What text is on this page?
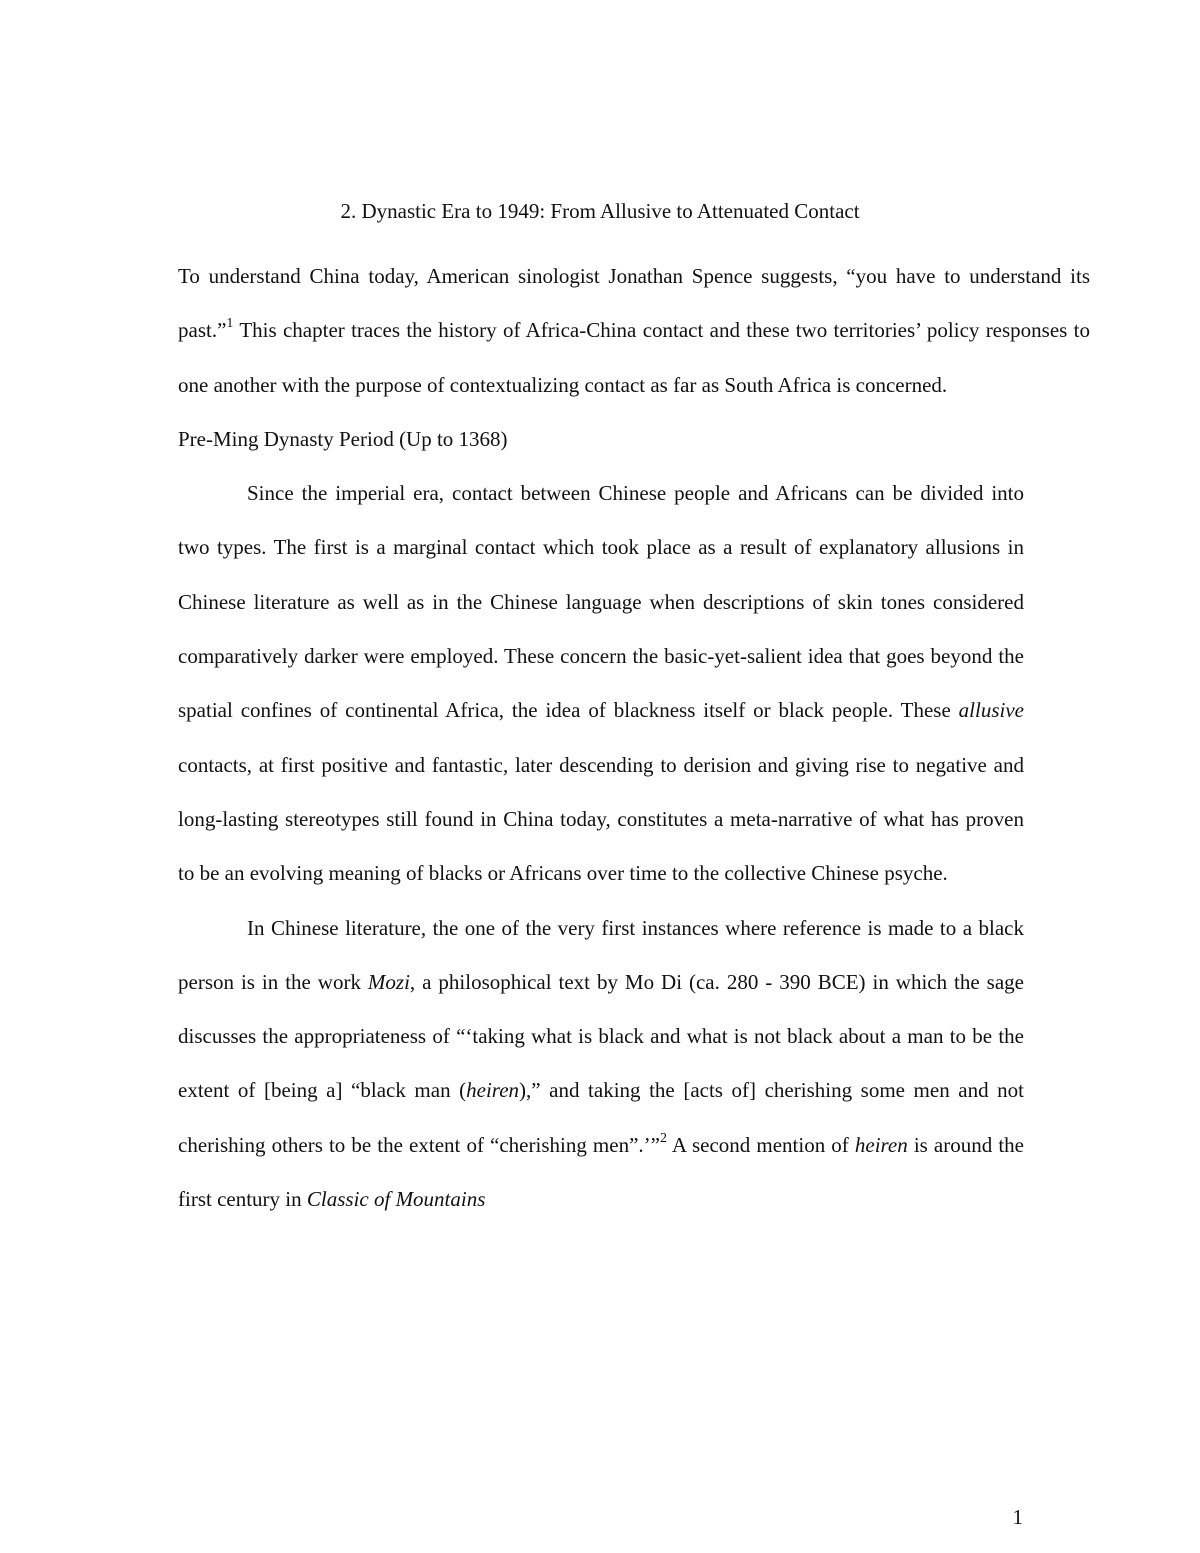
2. Dynastic Era to 1949: From Allusive to Attenuated Contact

To understand China today, American sinologist Jonathan Spence suggests, “you have to understand its past.”$^1$ This chapter traces the history of Africa-China contact and these two territories’ policy responses to one another with the purpose of contextualizing contact as far as South Africa is concerned.

Pre-Ming Dynasty Period (Up to 1368)

Since the imperial era, contact between Chinese people and Africans can be divided into two types. The first is a marginal contact which took place as a result of explanatory allusions in Chinese literature as well as in the Chinese language when descriptions of skin tones considered comparatively darker were employed. These concern the basic-yet-salient idea that goes beyond the spatial confines of continental Africa, the idea of blackness itself or black people. These allusive contacts, at first positive and fantastic, later descending to derision and giving rise to negative and long-lasting stereotypes still found in China today, constitutes a meta-narrative of what has proven to be an evolving meaning of blacks or Africans over time to the collective Chinese psyche.

In Chinese literature, the one of the very first instances where reference is made to a black person is in the work Mozi, a philosophical text by Mo Di (ca. 280 - 390 BCE) in which the sage discusses the appropriateness of “‘taking what is black and what is not black about a man to be the extent of [being a] “black man (heiren),” and taking the [acts of] cherishing some men and not cherishing others to be the extent of “cherishing men”.’”$^2$ A second mention of heiren is around the first century in Classic of Mountains

1
